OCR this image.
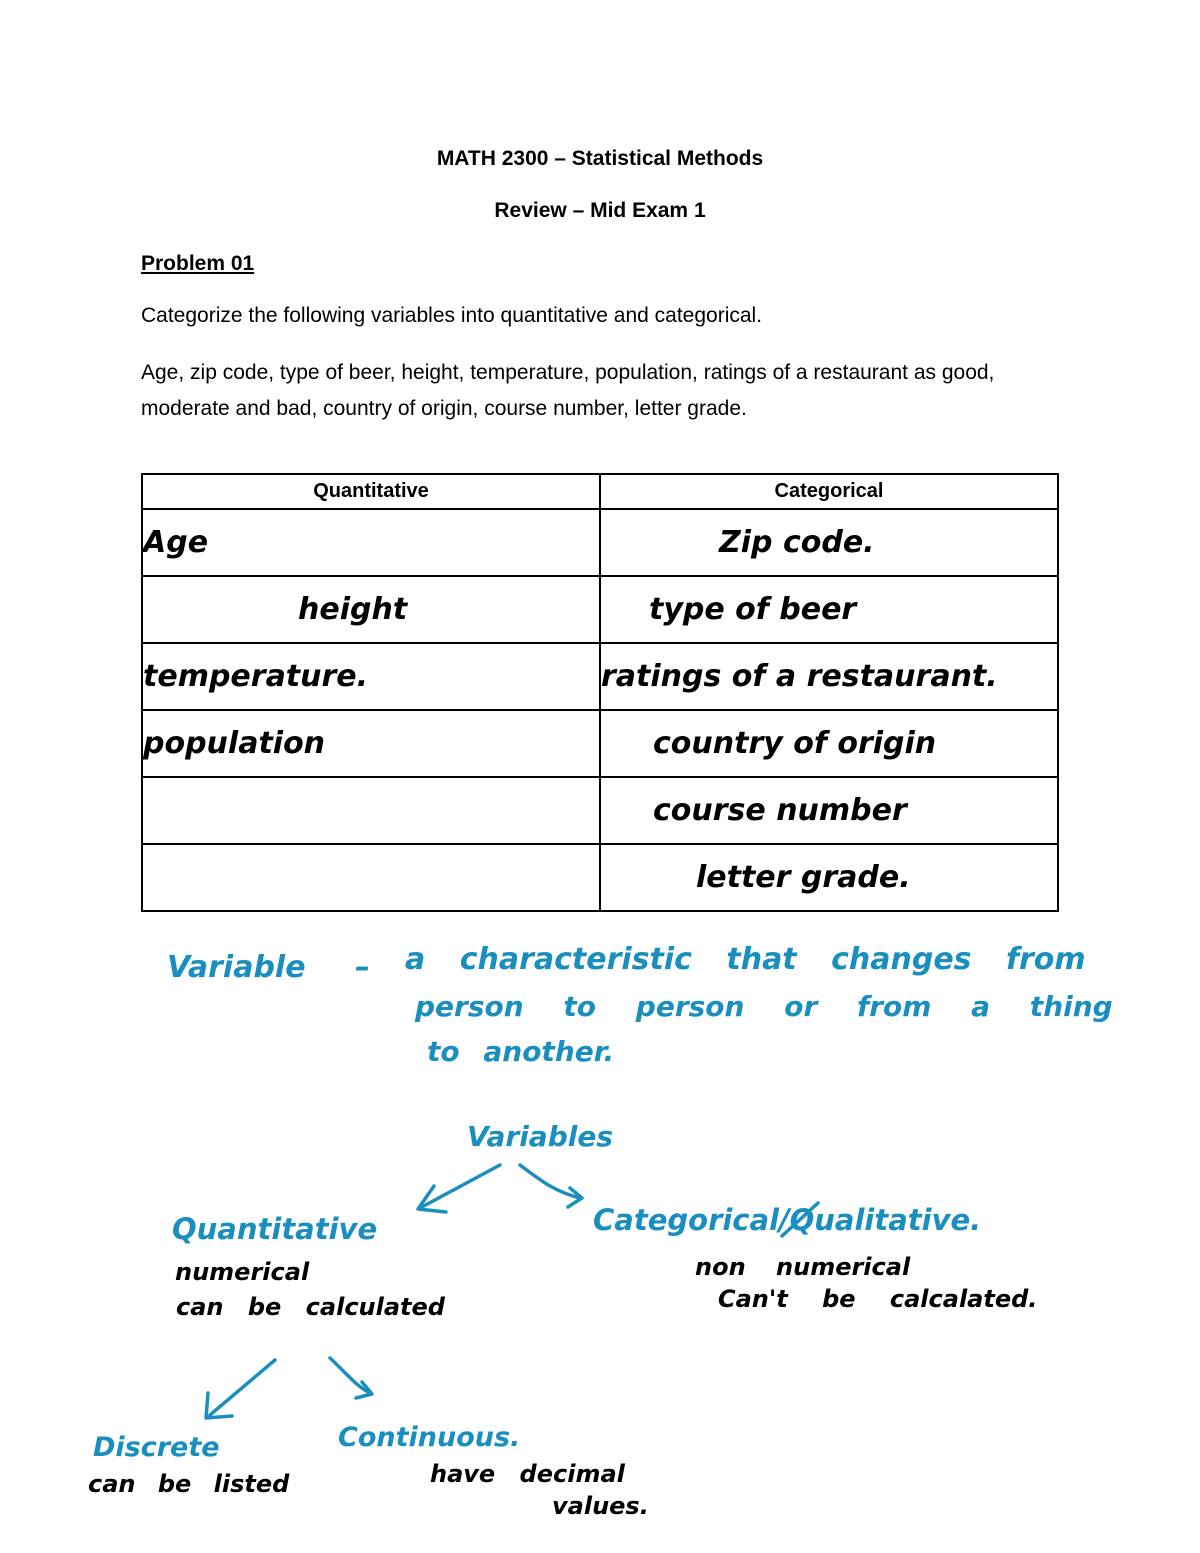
MATH 2300 – Statistical Methods
Review – Mid Exam 1
Problem 01
Categorize the following variables into quantitative and categorical.
Age, zip code, type of beer, height, temperature, population, ratings of a restaurant as good, moderate and bad, country of origin, course number, letter grade.
Quantitative	Categorical
Age	Zip code.
height	type of beer
temperature.	ratings of a restaurant.
population	country of origin
	course number
	letter grade.
Variable – a characteristic that changes from
person to person or from a thing
to another.
Variables
Quantitative
numerical
can be calculated
Categorical/Qualitative.
non numerical
Can't be calcalated.
Discrete
can be listed
Continuous.
have decimal
values.
